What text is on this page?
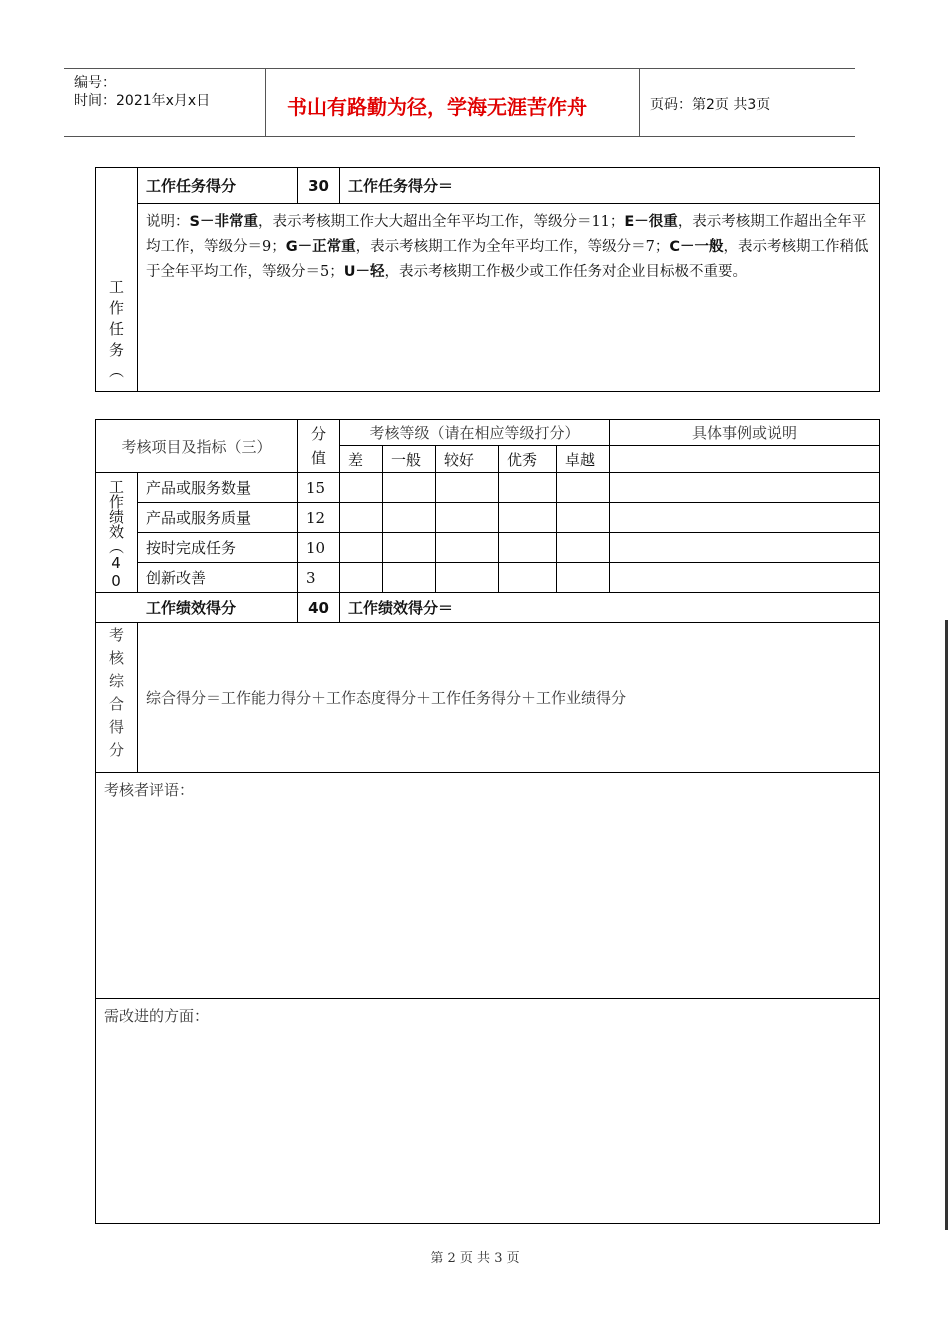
编号：
时间：2021年x月x日	书山有路勤为径，学海无涯苦作舟	页码：第2页 共3页
工作任务（
	工作任务得分	30	工作任务得分＝
说明：S－非常重，表示考核期工作大大超出全年平均工作，等级分＝11；E－很重，表示考核期工作超出全年平均工作，等级分＝9；G－正常重，表示考核期工作为全年平均工作，等级分＝7；C－一般，表示考核期工作稍低于全年平均工作，等级分＝5；U－轻，表示考核期工作极少或工作任务对企业目标极不重要。
考核项目及指标（三）		分值	考核等级（请在相应等级打分）					具体事例或说明
			差	一般	较好	优秀	卓越	

工作绩效（40	产品或服务数量	15						
	产品或服务质量	12						
	按时完成任务	10						
	创新改善	3						
工作绩效得分		40	工作绩效得分＝					

考核综合得分	综合得分＝工作能力得分＋工作态度得分＋工作任务得分＋工作业绩得分							
考核者评语：								
需改进的方面：								
第 2 页 共 3 页
